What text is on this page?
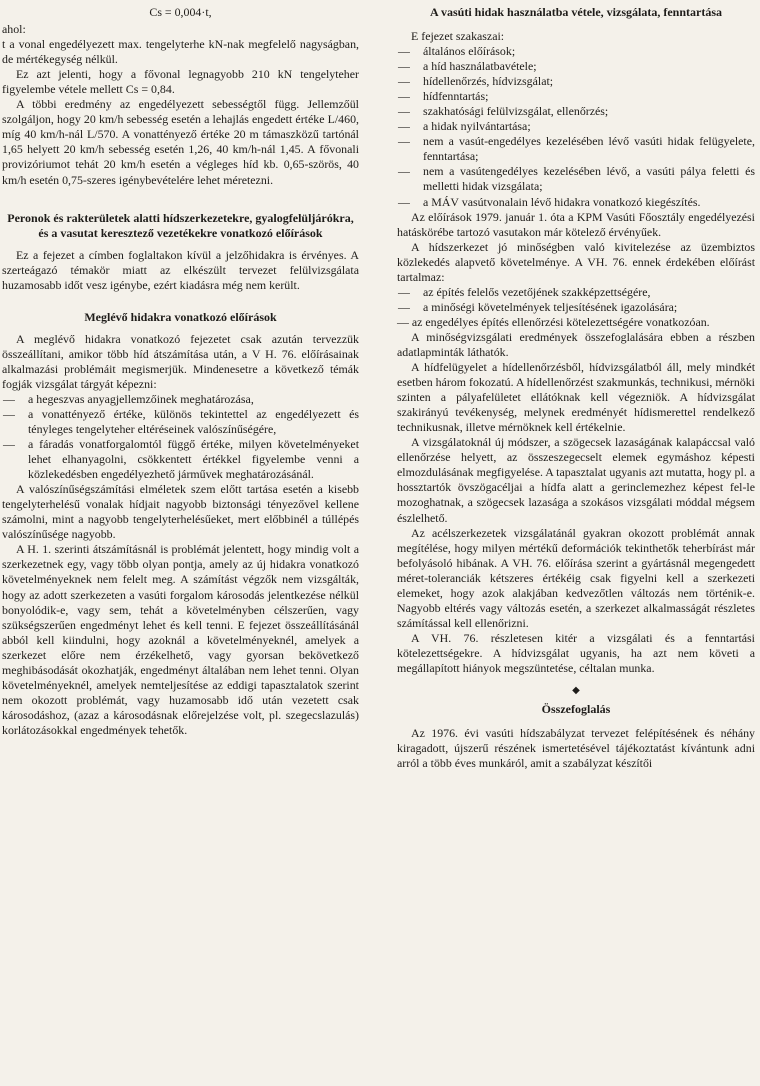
Cs = 0,004·t,

ahol:

t a vonal engedélyezett max. tengelyterhe kN-nak megfelelő nagyságban, de mértékegység nélkül.

Ez azt jelenti, hogy a fővonal legnagyobb 210 kN tengelyteher figyelembe vétele mellett Cs = 0,84.

A többi eredmény az engedélyezett sebességtől függ. Jellemzőül szolgáljon, hogy 20 km/h sebesség esetén a lehajlás engedett értéke L/460, míg 40 km/h-nál L/570. A vonattényező értéke 20 m támaszközű tartónál 1,65 helyett 20 km/h sebesség esetén 1,26, 40 km/h-nál 1,45. A fővonali provizóriumot tehát 20 km/h esetén a végleges híd kb. 0,65-szörös, 40 km/h esetén 0,75-szeres igénybevételére lehet méretezni.

Peronok és rakterületek alatti hídszerkezetekre, gyalogfelüljárókra, és a vasutat keresztező vezetékekre vonatkozó előírások

Ez a fejezet a címben foglaltakon kívül a jelzőhidakra is érvényes. A szerteágazó témakör miatt az elkészült tervezet felülvizsgálata huzamosabb időt vesz igénybe, ezért kiadásra még nem került.

Meglévő hidakra vonatkozó előírások

A meglévő hidakra vonatkozó fejezetet csak azután tervezzük összeállítani, amikor több híd átszámítása után, a V H. 76. előírásainak alkalmazási problémáit megismerjük. Mindenesetre a következő témák fogják vizsgálat tárgyát képezni:

— a hegeszvas anyagjellemzőinek meghatározása,
— a vonattényező értéke, különös tekintettel az engedélyezett és tényleges tengelyteher eltéréseinek valószínűségére,
— a fáradás vonatforgalomtól függő értéke, milyen követelményeket lehet elhanyagolni, csökkentett értékkel figyelembe venni a közlekedésben engedélyezhető járművek meghatározásánál.

A valószínűségszámítási elméletek szem előtt tartása esetén a kisebb tengelyterhelésű vonalak hídjait nagyobb biztonsági tényezővel kellene számolni, mint a nagyobb tengelyterhelésűeket, mert előbbinél a túllépés valószínűsége nagyobb.

A H. 1. szerinti átszámításnál is problémát jelentett, hogy mindig volt a szerkezetnek egy, vagy több olyan pontja, amely az új hidakra vonatkozó követelményeknek nem felelt meg. A számítást végzők nem vizsgálták, hogy az adott szerkezeten a vasúti forgalom károsodás jelentkezése nélkül bonyolódik-e, vagy sem, tehát a követelményben célszerűen, vagy szükségszerűen engedményt lehet és kell tenni. E fejezet összeállításánál abból kell kiindulni, hogy azoknál a követelményeknél, amelyek a szerkezet előre nem érzékelhető, vagy gyorsan bekövetkező meghibásodását okozhatják, engedményt általában nem lehet tenni. Olyan követelményeknél, amelyek nemteljesítése az eddigi tapasztalatok szerint nem okozott problémát, vagy huzamosabb idő után vezetett csak károsodáshoz, (azaz a károsodásnak előrejelzése volt, pl. szegecslazulás) korlátozásokkal engedmények tehetők.

A vasúti hidak használatba vétele, vizsgálata, fenntartása

E fejezet szakaszai:

— általános előírások;
— a híd használatbavétele;
— hídellenőrzés, hídvizsgálat;
— hídfenntartás;
— szakhatósági felülvizsgálat, ellenőrzés;
— a hidak nyilvántartása;
— nem a vasút-engedélyes kezelésében lévő vasúti hidak felügyelete, fenntartása;
— nem a vasútengedélyes kezelésében lévő, a vasúti pálya feletti és melletti hidak vizsgálata;
— a MÁV vasútvonalain lévő hidakra vonatkozó kiegészítés.

Az előírások 1979. január 1. óta a KPM Vasúti Főosztály engedélyezési hatáskörébe tartozó vasutakon már kötelező érvényűek.

A hídszerkezet jó minőségben való kivitelezése az üzembiztos közlekedés alapvető követelménye. A VH. 76. ennek érdekében előírást tartalmaz:

— az építés felelős vezetőjének szakképzettségére,
— a minőségi követelmények teljesítésének igazolására;

— az engedélyes építés ellenőrzési kötelezettségére vonatkozóan.

A minőségvizsgálati eredmények összefoglalására ebben a részben adatlapminták láthatók.

A hídfelügyelet a hídellenőrzésből, hídvizsgálatból áll, mely mindkét esetben három fokozatú. A hídellenőrzést szakmunkás, technikusi, mérnöki szinten a pályafelületet ellátóknak kell végezniök. A hídvizsgálat szakirányú tevékenység, melynek eredményét hídismerettel rendelkező technikusnak, illetve mérnöknek kell értékelnie.

A vizsgálatoknál új módszer, a szögecsek lazaságának kalapáccsal való ellenőrzése helyett, az összeszegecselt elemek egymáshoz képesti elmozdulásának megfigyelése. A tapasztalat ugyanis azt mutatta, hogy pl. a hossztartók övszögacéljai a hídfa alatt a gerinclemezhez képest fel-le mozoghatnak, a szögecsek lazasága a szokásos vizsgálati móddal mégsem észlelhető.

Az acélszerkezetek vizsgálatánál gyakran okozott problémát annak megítélése, hogy milyen mértékű deformációk tekinthetők teherbírást már befolyásoló hibának. A VH. 76. előírása szerint a gyártásnál megengedett méret-toleranciák kétszeres értékéig csak figyelni kell a szerkezeti elemeket, hogy azok alakjában kedvezőtlen változás nem történik-e. Nagyobb eltérés vagy változás esetén, a szerkezet alkalmasságát részletes számítással kell ellenőrizni.

A VH. 76. részletesen kitér a vizsgálati és a fenntartási kötelezettségekre. A hídvizsgálat ugyanis, ha azt nem követi a megállapított hiányok megszüntetése, céltalan munka.

◆
Összefoglalás

Az 1976. évi vasúti hídszabályzat tervezet felépítésének és néhány kiragadott, újszerű részének ismertetésével tájékoztatást kívántunk adni arról a több éves munkáról, amit a szabályzat készítői
